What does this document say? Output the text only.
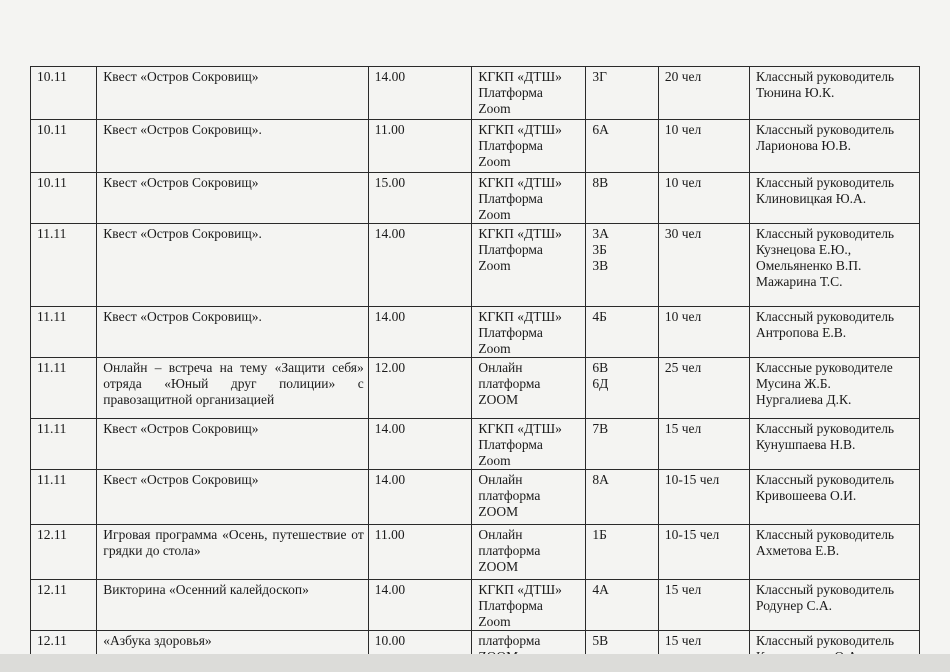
10.11	Квест «Остров Сокровищ»	14.00	КГКП «ДТШ»
Платформа
Zoom	3Г	20 чел	Классный руководитель
Тюнина Ю.К.
10.11	Квест «Остров Сокровищ».	11.00	КГКП «ДТШ»
Платформа
Zoom	6А	10 чел	Классный руководитель
Ларионова Ю.В.
10.11	Квест «Остров Сокровищ»	15.00	КГКП «ДТШ»
Платформа
Zoom	8В	10 чел	Классный руководитель
Клиновицкая Ю.А.
11.11	Квест «Остров Сокровищ».	14.00	КГКП «ДТШ»
Платформа
Zoom	3А
3Б
3В	30 чел	Классный руководитель
Кузнецова Е.Ю.,
Омельяненко В.П.
Мажарина Т.С.
11.11	Квест «Остров Сокровищ».	14.00	КГКП «ДТШ»
Платформа
Zoom	4Б	10 чел	Классный руководитель
Антропова Е.В.
11.11	Онлайн – встреча на тему «Защити себя» отряда «Юный друг полиции» с правозащитной организацией	12.00	Онлайн
платформа
ZOOM	6В
6Д	25 чел	Классные руководителе
Мусина Ж.Б.
Нургалиева Д.К.
11.11	Квест «Остров Сокровищ»	14.00	КГКП «ДТШ»
Платформа
Zoom	7В	15 чел	Классный руководитель
Кунушпаева Н.В.
11.11	Квест «Остров Сокровищ»	14.00	Онлайн
платформа
ZOOM	8А	10-15 чел	Классный руководитель
Кривошеева О.И.
12.11	Игровая программа «Осень, путешествие от грядки до стола»	11.00	Онлайн
платформа
ZOOM	1Б	10-15 чел	Классный руководитель
Ахметова Е.В.
12.11	Викторина «Осенний калейдоскоп»	14.00	КГКП «ДТШ»
Платформа
Zoom	4А	15 чел	Классный руководитель
Родунер С.А.
12.11	«Азбука здоровья»	10.00	платформа	5В	15 чел	Классный руководитель
